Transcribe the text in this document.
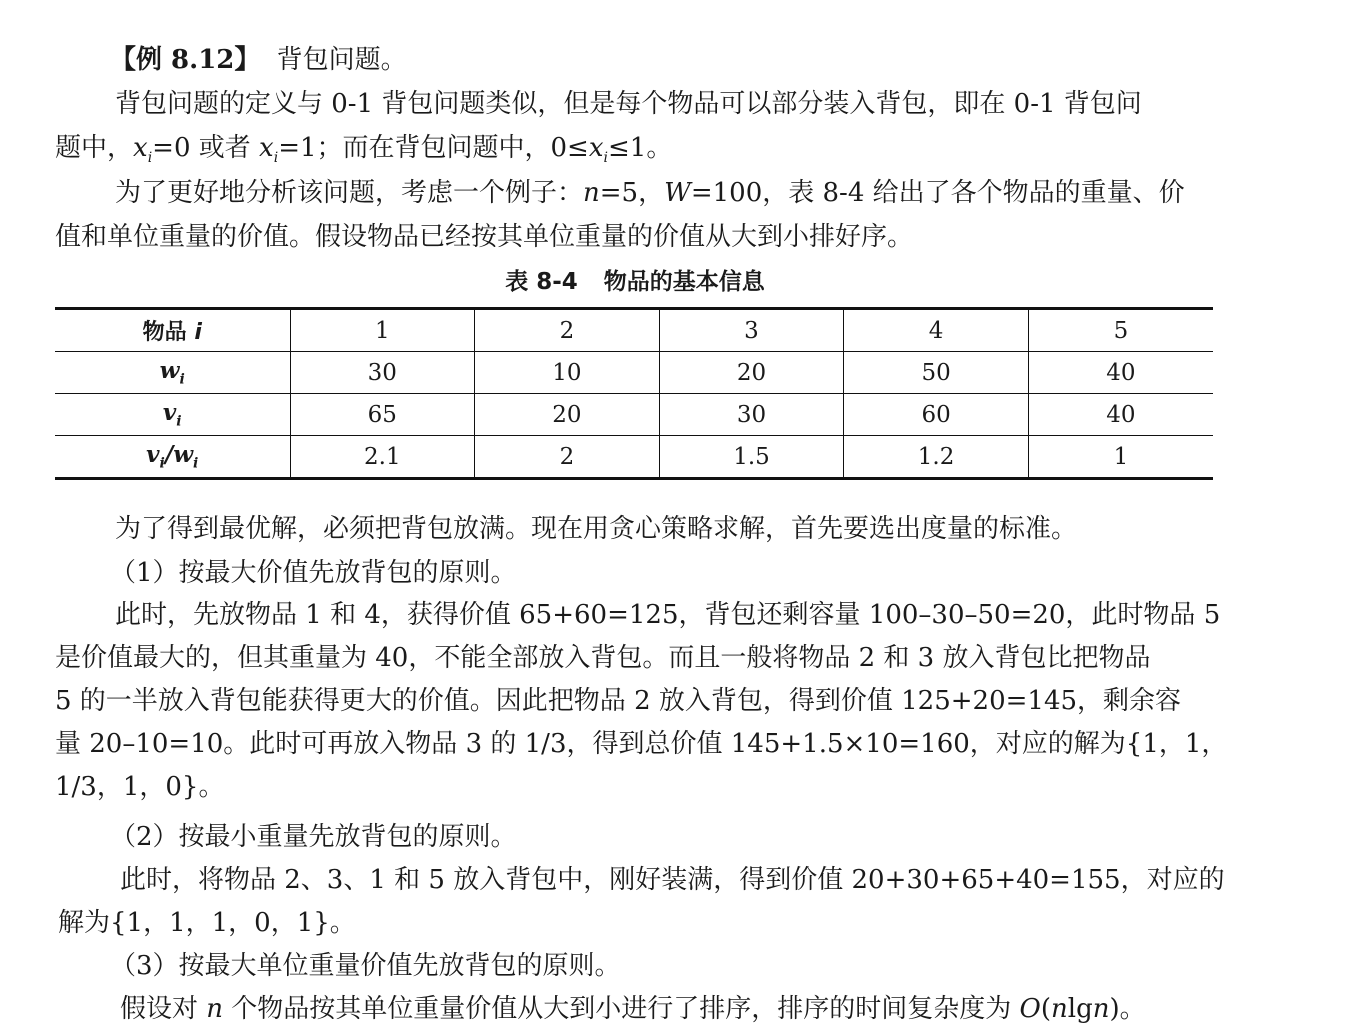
【例 8.12】 背包问题。
背包问题的定义与 0-1 背包问题类似，但是每个物品可以部分装入背包，即在 0-1 背包问
题中，$x_i=0$ 或者 $x_i=1$；而在背包问题中，$0\le x_i\le 1$。
为了更好地分析该问题，考虑一个例子：n=5，W=100，表 8-4 给出了各个物品的重量、价
值和单位重量的价值。假设物品已经按其单位重量的价值从大到小排好序。
表 8-4 物品的基本信息
物品 i	1	2	3	4	5
$w_i$	30	10	20	50	40
$v_i$	65	20	30	60	40
$v_i/w_i$	2.1	2	1.5	1.2	1
为了得到最优解，必须把背包放满。现在用贪心策略求解，首先要选出度量的标准。
（1）按最大价值先放背包的原则。
此时，先放物品 1 和 4，获得价值 65+60=125，背包还剩容量 100–30–50=20，此时物品 5
是价值最大的，但其重量为 40，不能全部放入背包。而且一般将物品 2 和 3 放入背包比把物品
5 的一半放入背包能获得更大的价值。因此把物品 2 放入背包，得到价值 125+20=145，剩余容
量 20–10=10。此时可再放入物品 3 的 1/3，得到总价值 145+1.5×10=160，对应的解为{1，1，
1/3，1，0}。
（2）按最小重量先放背包的原则。
此时，将物品 2、3、1 和 5 放入背包中，刚好装满，得到价值 20+30+65+40=155，对应的
解为{1，1，1，0，1}。
（3）按最大单位重量价值先放背包的原则。
假设对 n 个物品按其单位重量价值从大到小进行了排序，排序的时间复杂度为 O(nlgn)。
